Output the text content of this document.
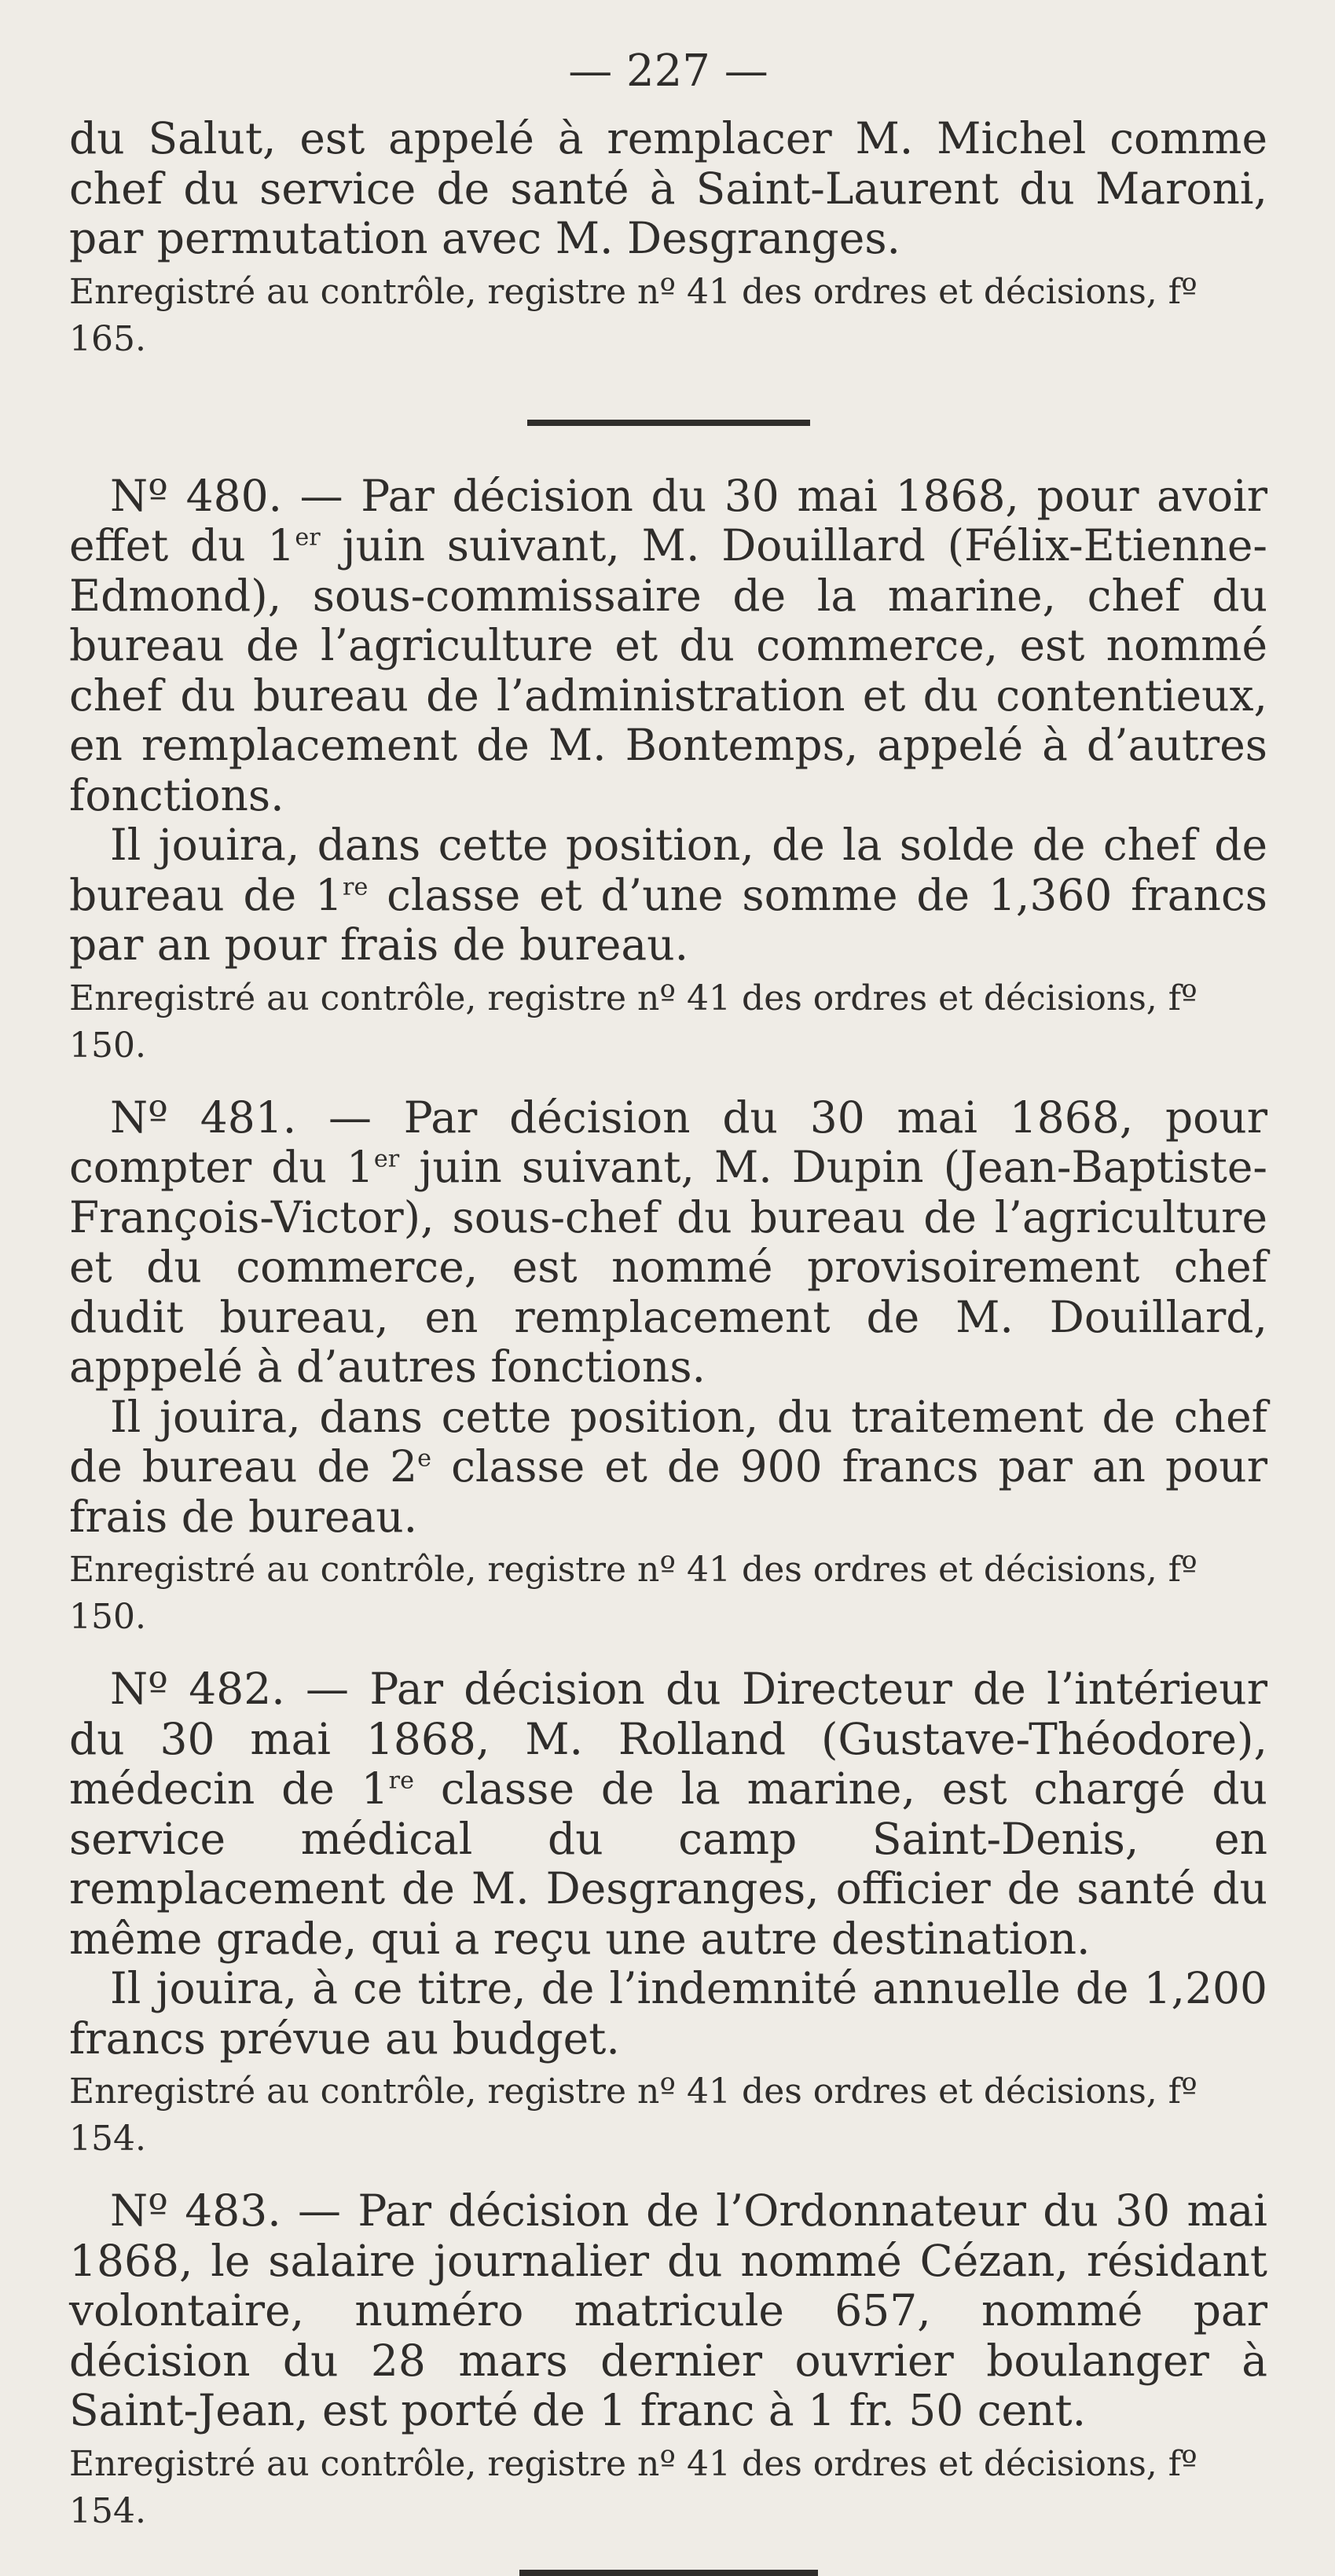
— 227 —

du Salut, est appelé à remplacer M. Michel comme chef du service de santé à Saint-Laurent du Maroni, par permutation avec M. Desgranges.

Enregistré au contrôle, registre nº 41 des ordres et décisions, fº 165.

Nº 480. — Par décision du 30 mai 1868, pour avoir effet du 1er juin suivant, M. Douillard (Félix-Etienne-Edmond), sous-commissaire de la marine, chef du bureau de l’agriculture et du commerce, est nommé chef du bureau de l’administration et du contentieux, en remplacement de M. Bontemps, appelé à d’autres fonctions.

Il jouira, dans cette position, de la solde de chef de bureau de 1re classe et d’une somme de 1,360 francs par an pour frais de bureau.

Enregistré au contrôle, registre nº 41 des ordres et décisions, fº 150.

Nº 481. — Par décision du 30 mai 1868, pour compter du 1er juin suivant, M. Dupin (Jean-Baptiste-François-Victor), sous-chef du bureau de l’agriculture et du commerce, est nommé provisoirement chef dudit bureau, en remplacement de M. Douillard, apppelé à d’autres fonctions.

Il jouira, dans cette position, du traitement de chef de bureau de 2e classe et de 900 francs par an pour frais de bureau.

Enregistré au contrôle, registre nº 41 des ordres et décisions, fº 150.

Nº 482. — Par décision du Directeur de l’intérieur du 30 mai 1868, M. Rolland (Gustave-Théodore), médecin de 1re classe de la marine, est chargé du service médical du camp Saint-Denis, en remplacement de M. Desgranges, officier de santé du même grade, qui a reçu une autre destination.

Il jouira, à ce titre, de l’indemnité annuelle de 1,200 francs prévue au budget.

Enregistré au contrôle, registre nº 41 des ordres et décisions, fº 154.

Nº 483. — Par décision de l’Ordonnateur du 30 mai 1868, le salaire journalier du nommé Cézan, résidant volontaire, numéro matricule 657, nommé par décision du 28 mars dernier ouvrier boulanger à Saint-Jean, est porté de 1 franc à 1 fr. 50 cent.

Enregistré au contrôle, registre nº 41 des ordres et décisions, fº 154.
